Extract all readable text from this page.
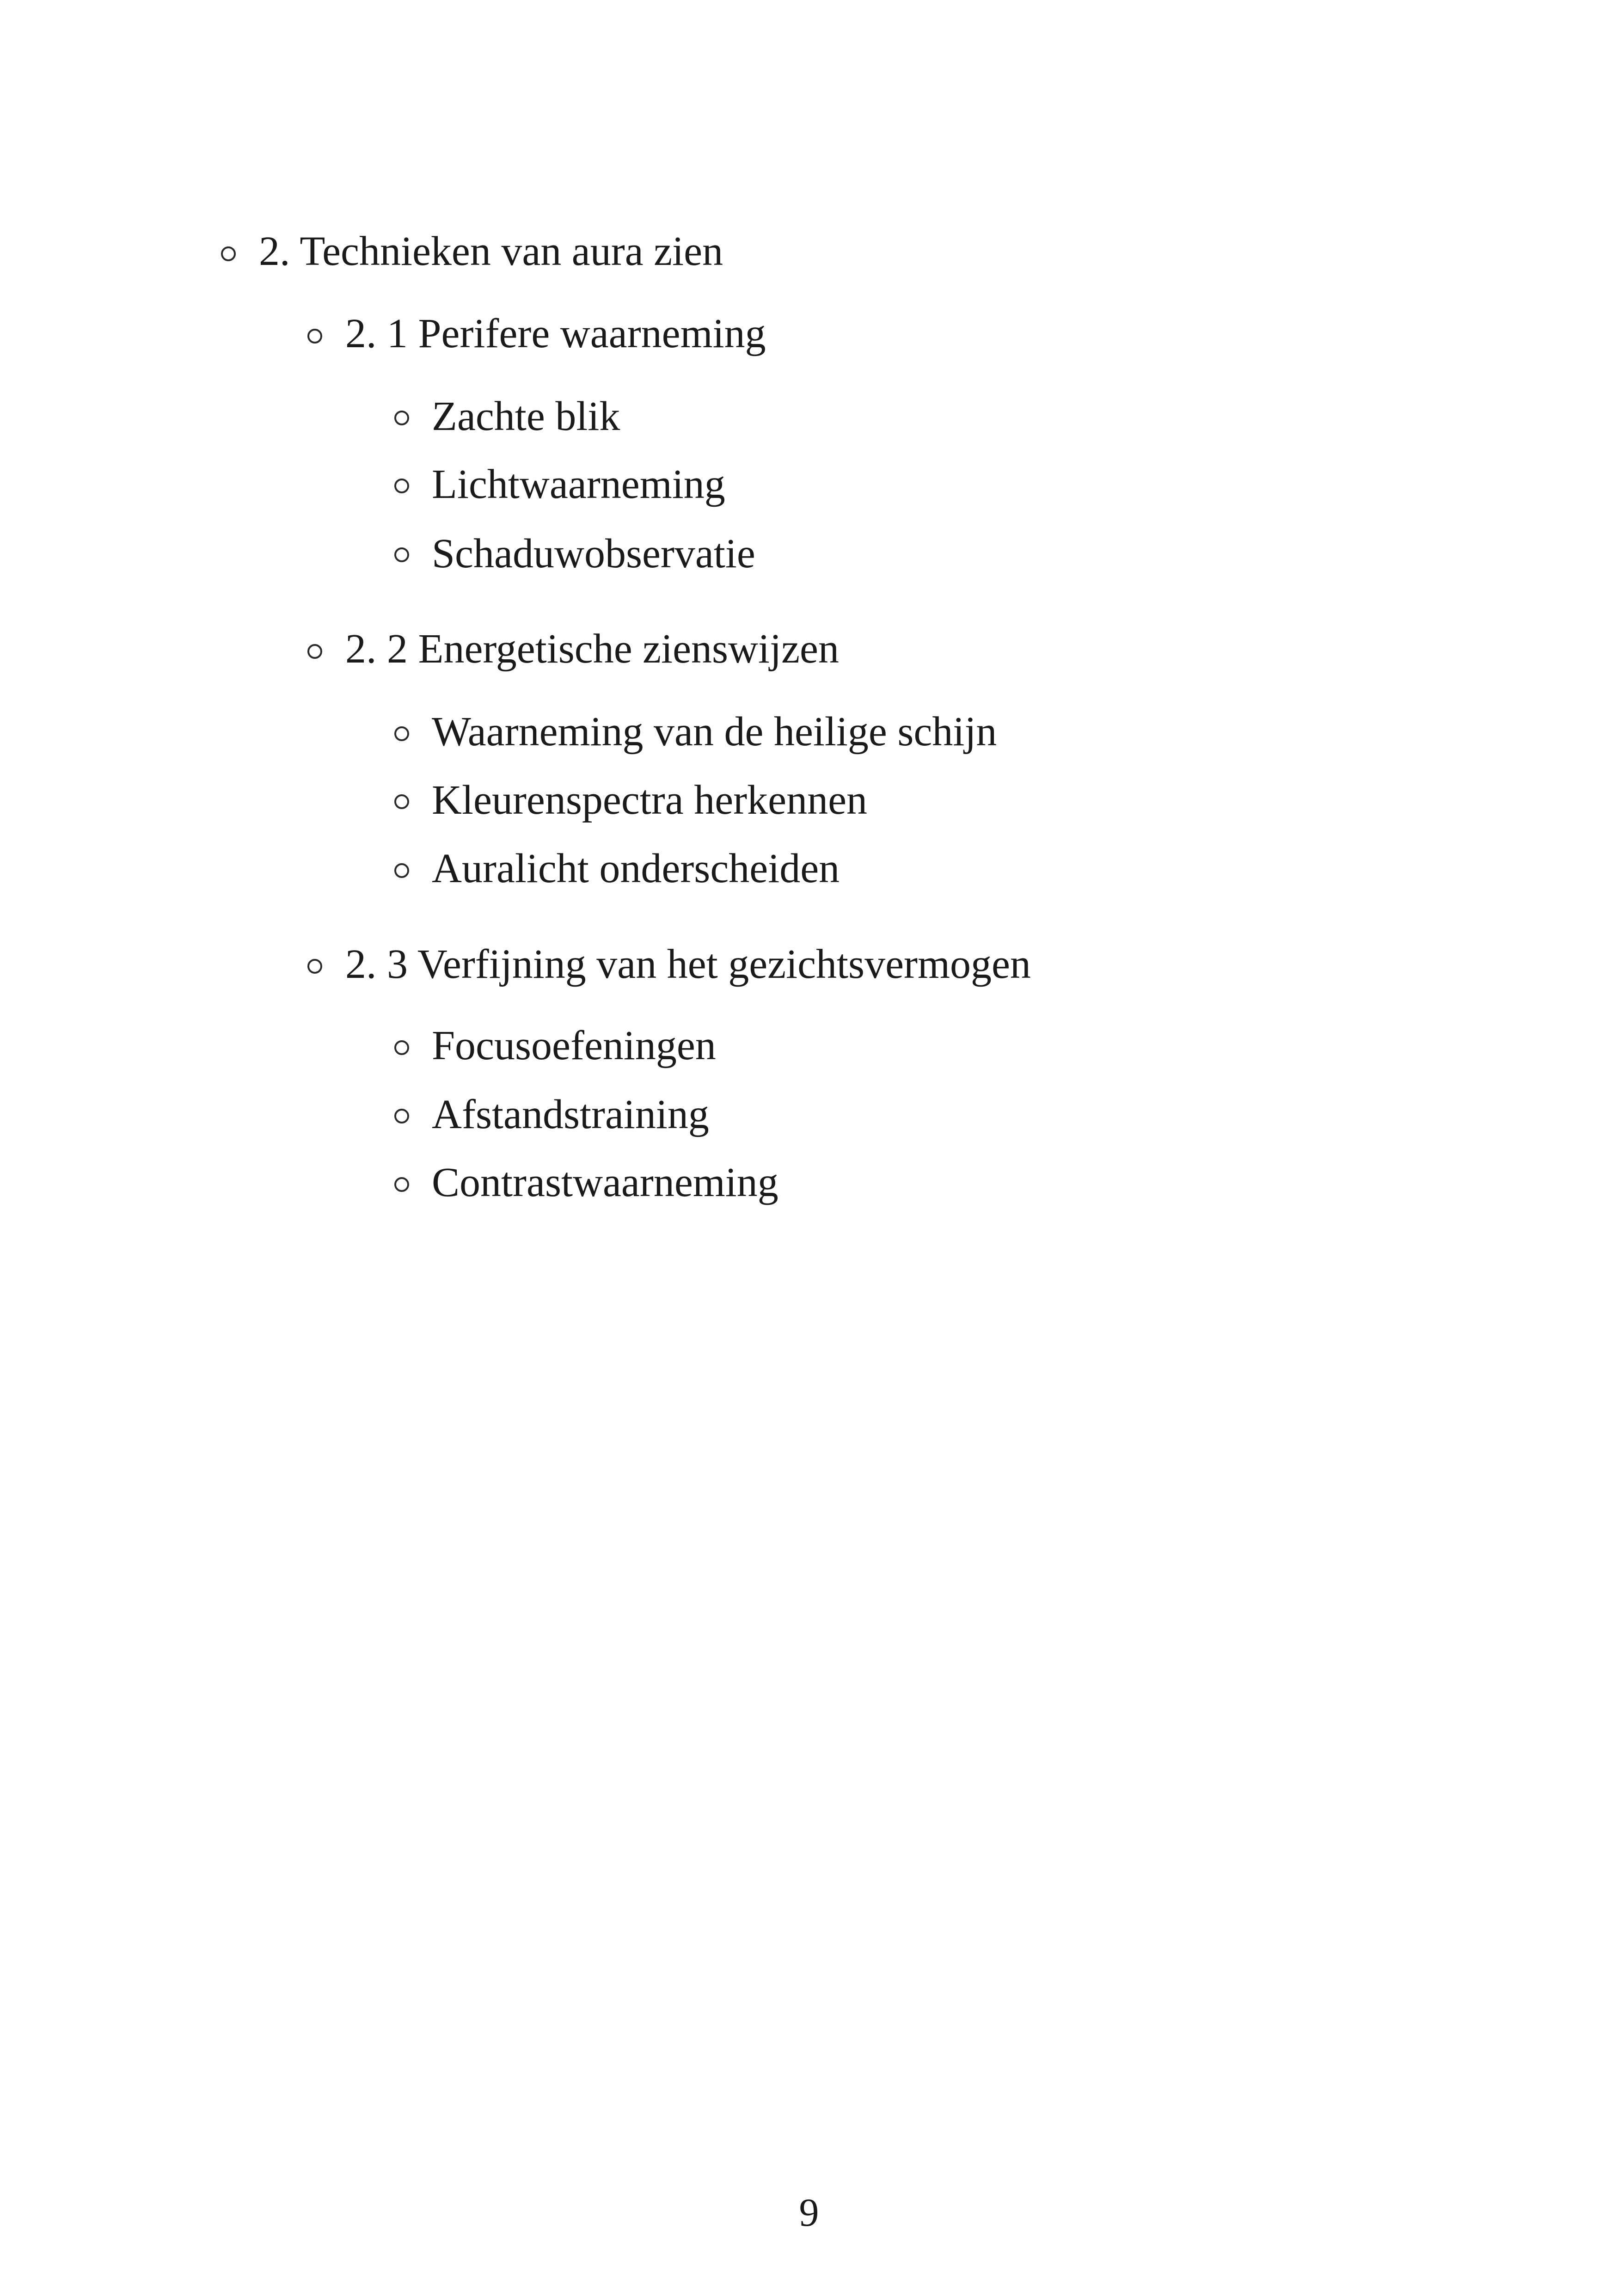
2. Technieken van aura zien
2. 1 Perifere waarneming
Zachte blik
Lichtwaarneming
Schaduwobservatie
2. 2 Energetische zienswijzen
Waarneming van de heilige schijn
Kleurenspectra herkennen
Auralicht onderscheiden
2. 3 Verfijning van het gezichtsvermogen
Focusoefeningen
Afstandstraining
Contrastwaarneming
9
